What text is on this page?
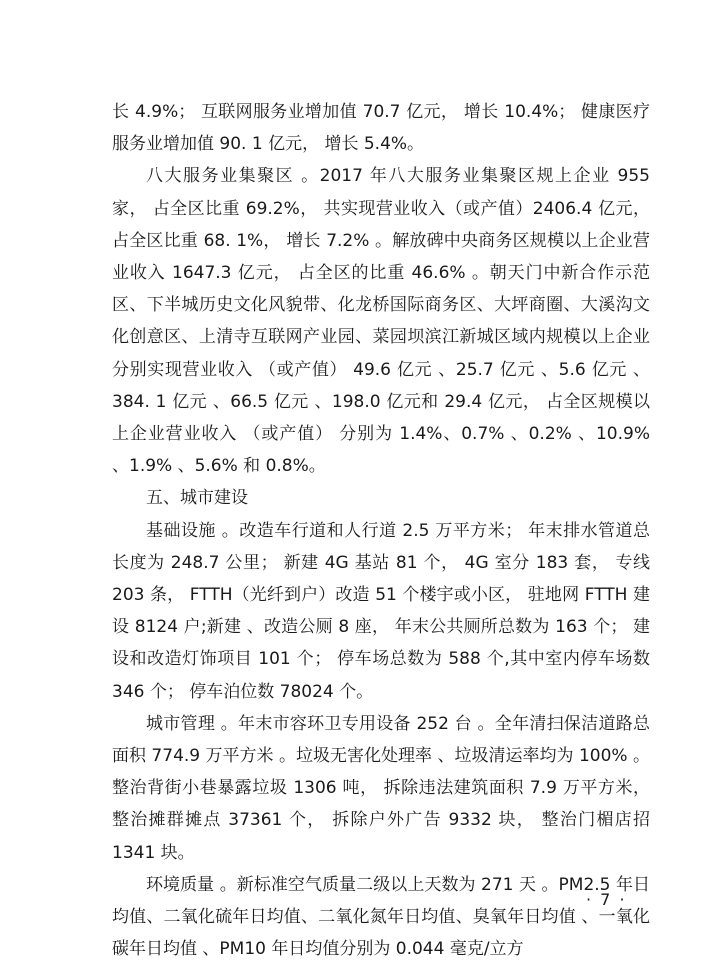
长 4.9%； 互联网服务业增加值 70.7 亿元， 增长 10.4%； 健康医疗服务业增加值 90. 1 亿元， 增长 5.4%。

八大服务业集聚区 。2017 年八大服务业集聚区规上企业 955 家， 占全区比重 69.2%， 共实现营业收入（或产值）2406.4 亿元， 占全区比重 68. 1%， 增长 7.2% 。解放碑中央商务区规模以上企业营业收入 1647.3 亿元， 占全区的比重 46.6% 。朝天门中新合作示范区、下半城历史文化风貌带、化龙桥国际商务区、大坪商圈、大溪沟文化创意区、上清寺互联网产业园、菜园坝滨江新城区域内规模以上企业分别实现营业收入 （或产值） 49.6 亿元 、25.7 亿元 、5.6 亿元 、384. 1 亿元 、66.5 亿元 、198.0 亿元和 29.4 亿元， 占全区规模以上企业营业收入 （或产值） 分别为 1.4%、0.7% 、0.2% 、10.9% 、1.9% 、5.6% 和 0.8%。

五、城市建设

基础设施 。改造车行道和人行道 2.5 万平方米； 年末排水管道总长度为 248.7 公里； 新建 4G 基站 81 个， 4G 室分 183 套， 专线 203 条， FTTH（光纤到户）改造 51 个楼宇或小区， 驻地网 FTTH 建设 8124 户;新建 、改造公厕 8 座， 年末公共厕所总数为 163 个； 建设和改造灯饰项目 101 个； 停车场总数为 588 个,其中室内停车场数 346 个； 停车泊位数 78024 个。

城市管理 。年末市容环卫专用设备 252 台 。全年清扫保洁道路总面积 774.9 万平方米 。垃圾无害化处理率 、垃圾清运率均为 100% 。整治背街小巷暴露垃圾 1306 吨， 拆除违法建筑面积 7.9 万平方米， 整治摊群摊点 37361 个， 拆除户外广告 9332 块， 整治门楣店招 1341 块。

环境质量 。新标准空气质量二级以上天数为 271 天 。PM2.5 年日均值、二氧化硫年日均值、二氧化氮年日均值、臭氧年日均值 、一氧化碳年日均值 、PM10 年日均值分别为 0.044 毫克/立方

· 7 ·
